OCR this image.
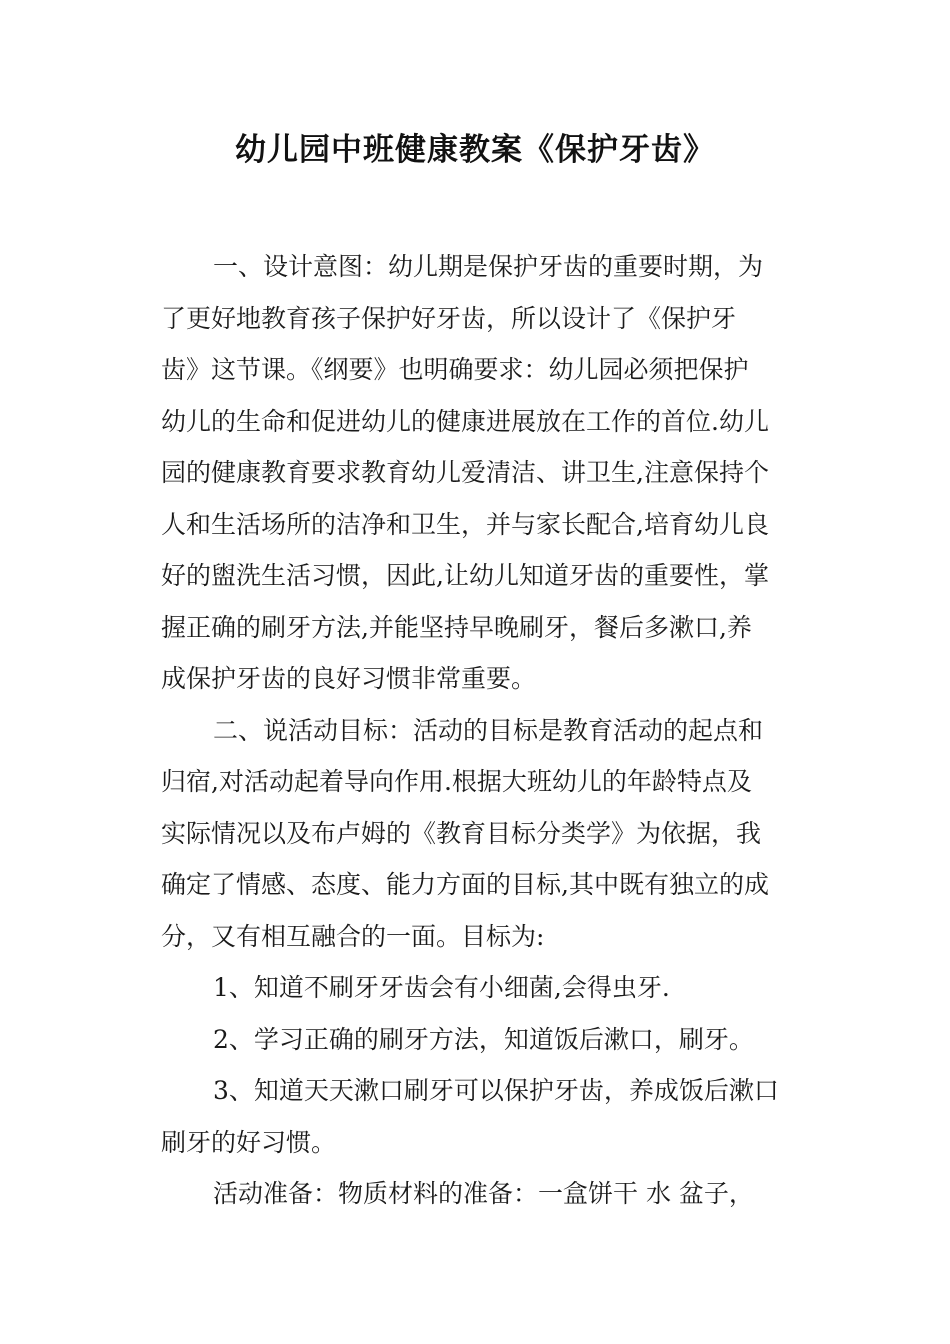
幼儿园中班健康教案《保护牙齿》
一、设计意图：幼儿期是保护牙齿的重要时期，为
了更好地教育孩子保护好牙齿，所以设计了《保护牙
齿》这节课。《纲要》也明确要求：幼儿园必须把保护
幼儿的生命和促进幼儿的健康进展放在工作的首位.幼儿
园的健康教育要求教育幼儿爱清洁、讲卫生,注意保持个
人和生活场所的洁净和卫生，并与家长配合,培育幼儿良
好的盥洗生活习惯，因此,让幼儿知道牙齿的重要性，掌
握正确的刷牙方法,并能坚持早晚刷牙，餐后多漱口,养
成保护牙齿的良好习惯非常重要。
二、说活动目标：活动的目标是教育活动的起点和
归宿,对活动起着导向作用.根据大班幼儿的年龄特点及
实际情况以及布卢姆的《教育目标分类学》为依据，我
确定了情感、态度、能力方面的目标,其中既有独立的成
分，又有相互融合的一面。目标为:
1、知道不刷牙牙齿会有小细菌,会得虫牙.
2、学习正确的刷牙方法，知道饭后漱口，刷牙。
3、知道天天漱口刷牙可以保护牙齿，养成饭后漱口
刷牙的好习惯。
活动准备：物质材料的准备：一盒饼干 水 盆子，
